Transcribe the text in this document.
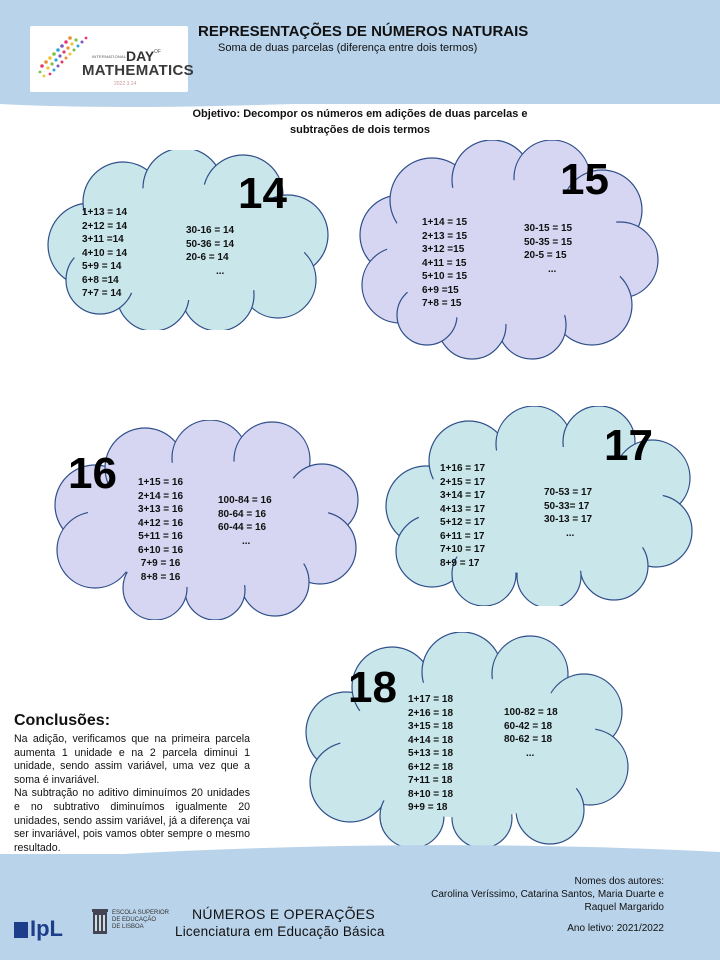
INTERNATIONAL DAY OF
MATHEMATICS
2022 3.14
REPRESENTAÇÕES DE NÚMEROS NATURAIS
Soma de duas parcelas (diferença entre dois termos)
Objetivo: Decompor os números em adições de duas parcelas e
subtrações de dois termos
14
1+13 = 14
2+12 = 14
3+11 =14
4+10 = 14
5+9 = 14
6+8 =14
7+7 = 14
30-16 = 14
50-36 = 14
20-6 = 14
...
15
1+14 = 15
2+13 = 15
3+12 =15
4+11 = 15
5+10 = 15
6+9 =15
7+8 = 15
30-15 = 15
50-35 = 15
20-5 = 15
...
16 1+15 = 16
2+14 = 16
3+13 = 16
4+12 = 16
5+11 = 16
6+10 = 16
7+9 = 16
8+8 = 16
100-84 = 16
80-64 = 16
60-44 = 16
...
17
1+16 = 17
2+15 = 17
3+14 = 17
4+13 = 17
5+12 = 17
6+11 = 17
7+10 = 17
8+9 = 17
70-53 = 17
50-33= 17
30-13 = 17
...
18 1+17 = 18
2+16 = 18
3+15 = 18
4+14 = 18
5+13 = 18
6+12 = 18
7+11 = 18
8+10 = 18
9+9 = 18
100-82 = 18
60-42 = 18
80-62 = 18
...
Conclusões:

Na adição, verificamos que na primeira parcela aumenta 1 unidade e na 2 parcela diminui 1 unidade, sendo assim variável, uma vez que a soma é invariável.

Na subtração no aditivo diminuímos 20 unidades e no subtrativo diminuímos igualmente 20 unidades, sendo assim variável, já a diferença vai ser invariável, pois vamos obter sempre o mesmo resultado.

Nomes dos autores:
Carolina Veríssimo, Catarina Santos, Maria Duarte e Raquel Margarido
Ano letivo: 2021/2022
IpL
ESCOLA SUPERIOR
DE EDUCAÇÃO
DE LISBOA
NÚMEROS E OPERAÇÕES
Licenciatura em Educação Básica
